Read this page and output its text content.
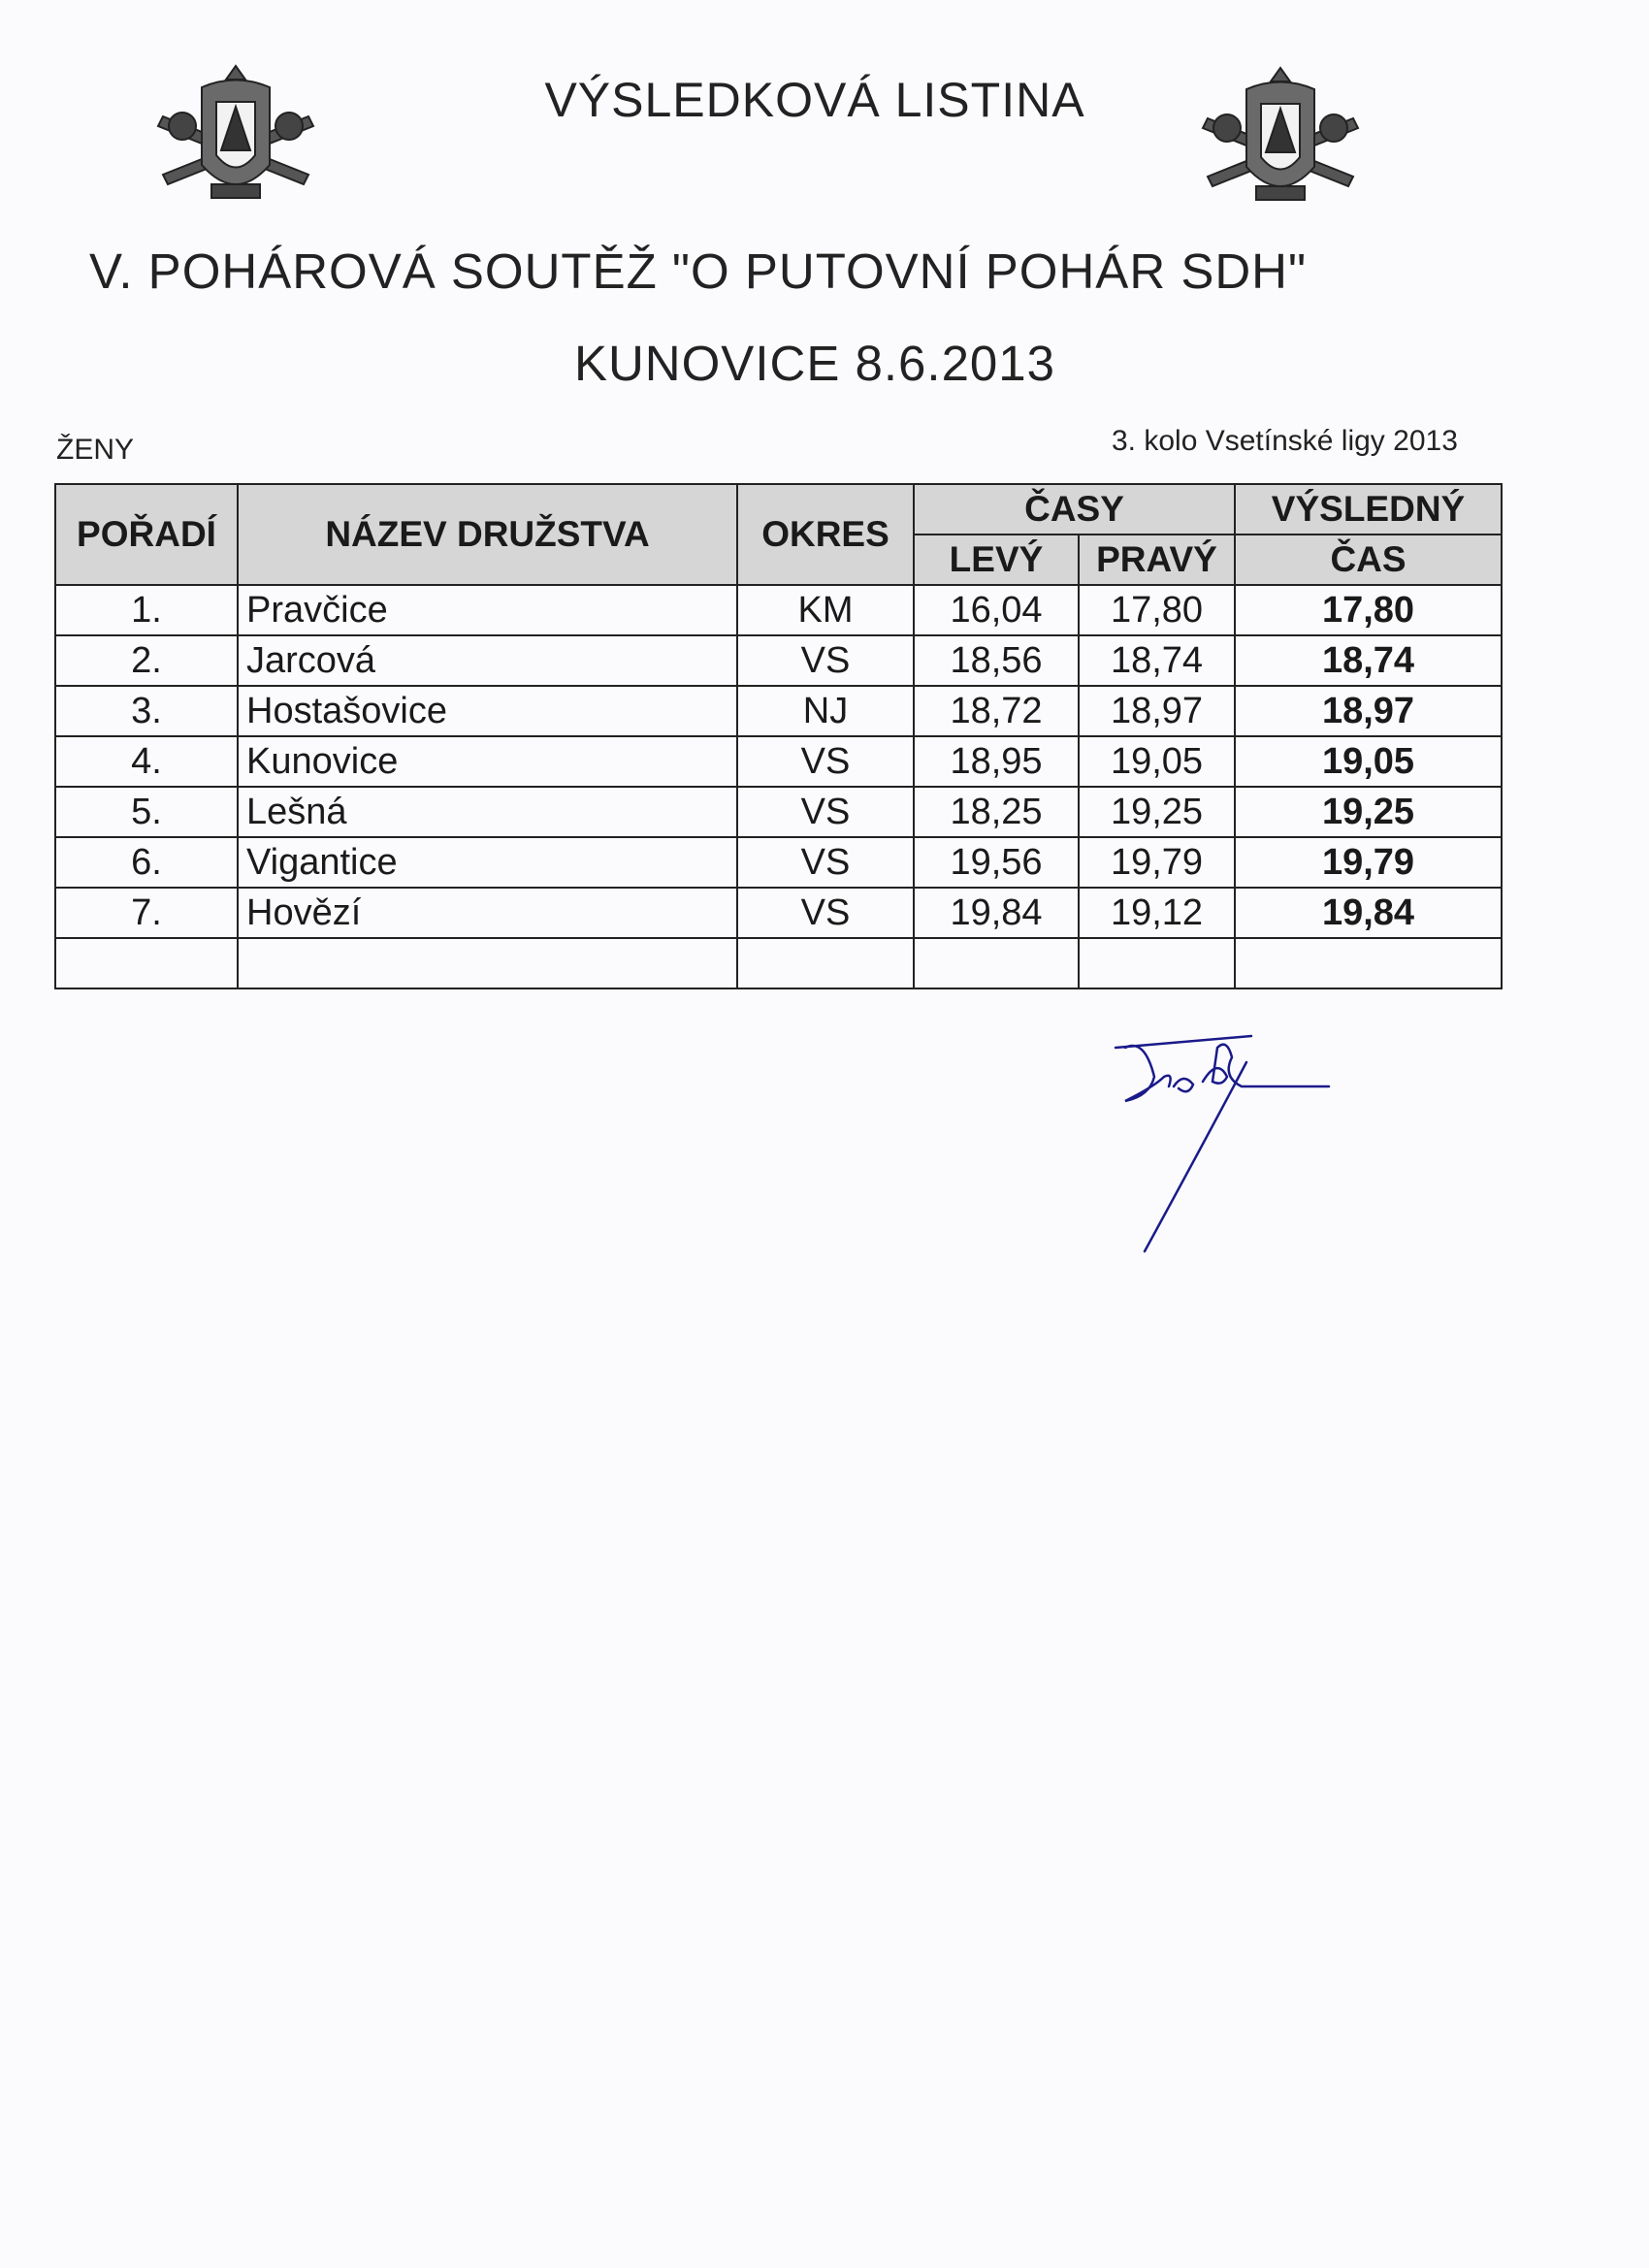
VÝSLEDKOVÁ LISTINA
V. POHÁROVÁ SOUTĚŽ "O PUTOVNÍ POHÁR SDH"
KUNOVICE 8.6.2013
ŽENY	3. kolo Vsetínské ligy 2013
POŘADÍ	NÁZEV DRUŽSTVA	OKRES	ČASY		VÝSLEDNÝ
			LEVÝ	PRAVÝ	ČAS
1.	Pravčice	KM	16,04	17,80	17,80
2.	Jarcová	VS	18,56	18,74	18,74
3.	Hostašovice	NJ	18,72	18,97	18,97
4.	Kunovice	VS	18,95	19,05	19,05
5.	Lešná	VS	18,25	19,25	19,25
6.	Vigantice	VS	19,56	19,79	19,79
7.	Hovězí	VS	19,84	19,12	19,84
